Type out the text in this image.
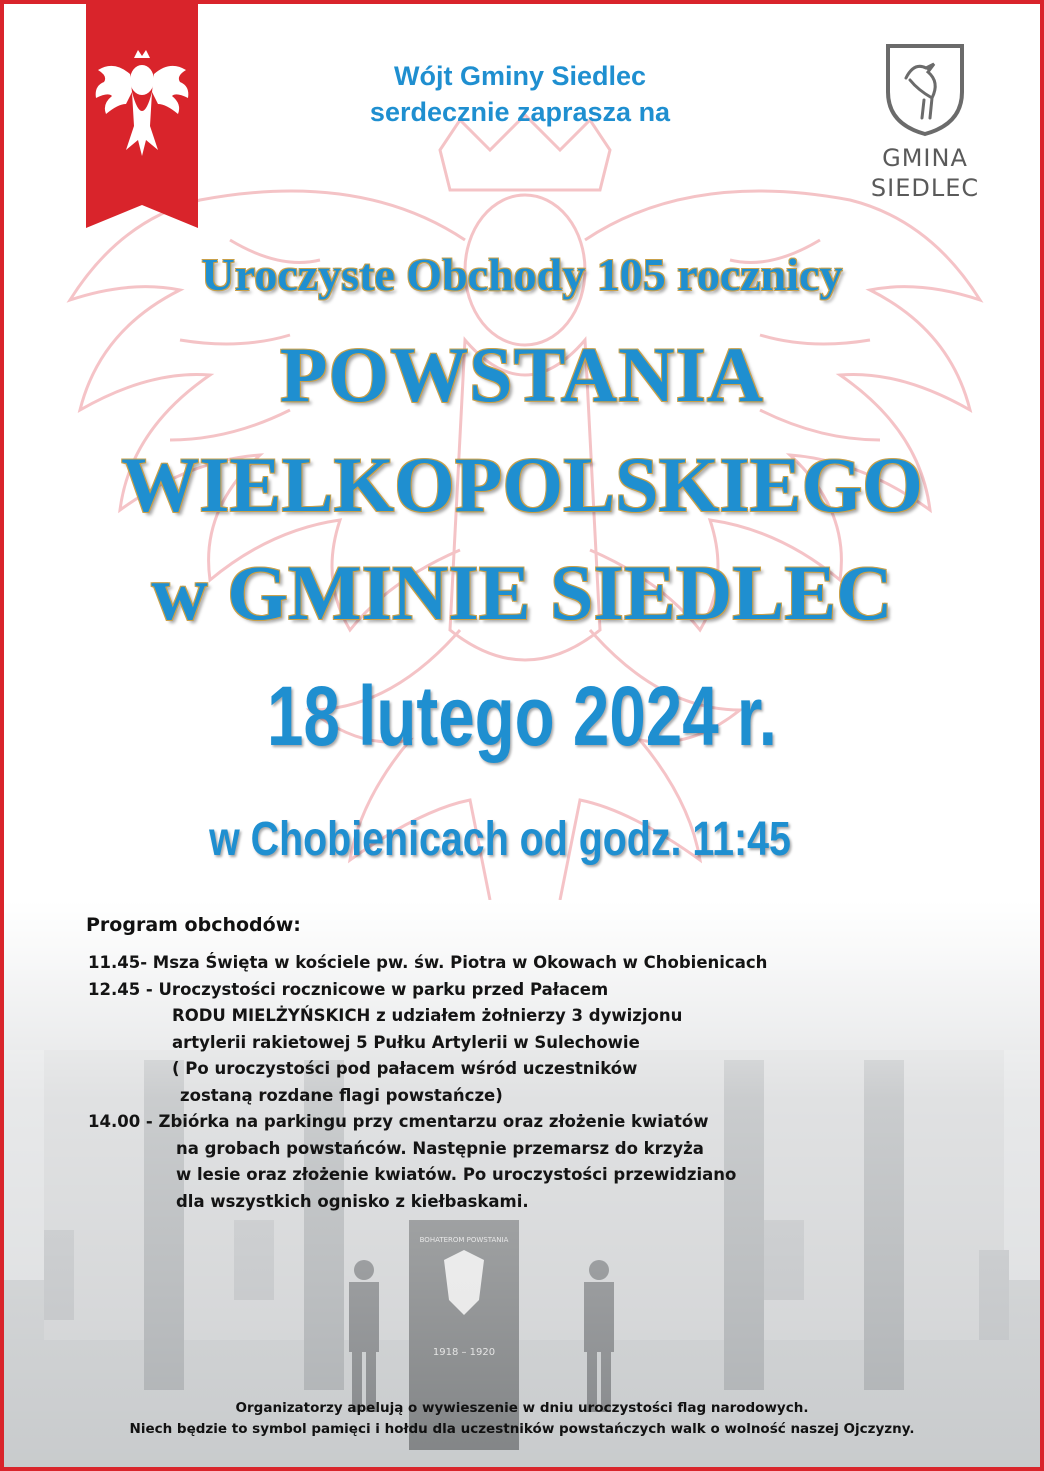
GMINA
SIEDLEC
Wójt Gminy Siedlec
serdecznie zaprasza na
Uroczyste Obchody 105 rocznicy
POWSTANIA
WIELKOPOLSKIEGO
w GMINIE SIEDLEC
18 lutego 2024 r.
w Chobienicach od godz. 11:45
Program obchodów:
11.45- Msza Święta w kościele pw. św. Piotra w Okowach w Chobienicach
12.45 - Uroczystości rocznicowe w parku przed Pałacem
RODU MIELŻYŃSKICH z udziałem żołnierzy 3 dywizjonu
artylerii rakietowej 5 Pułku Artylerii w Sulechowie
( Po uroczystości pod pałacem wśród uczestników
zostaną rozdane flagi powstańcze)
14.00 - Zbiórka na parkingu przy cmentarzu oraz złożenie kwiatów
na grobach powstańców. Następnie przemarsz do krzyża
w lesie oraz złożenie kwiatów. Po uroczystości przewidziano
dla wszystkich ognisko z kiełbaskami.
Organizatorzy apelują o wywieszenie w dniu uroczystości flag narodowych.
Niech będzie to symbol pamięci i hołdu dla uczestników powstańczych walk o wolność naszej Ojczyzny.
